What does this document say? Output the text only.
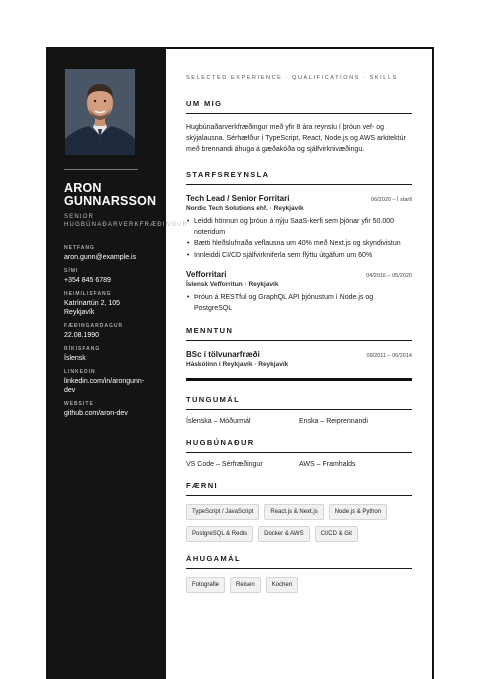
ARON
GUNNARSSON
SENIOR HUGBÚNAÐARVERKFRÆÐINGUR
NETFANG
aron.gunn@example.is
SÍMI
+354 845 6789
HEIMILISFANG
Katrínartún 2, 105 Reykjavík
FÆÐINGARDAGUR
22.08.1990
RÍKISFANG
Íslensk
LINKEDIN
linkedin.com/in/arongunn-dev
WEBSITE
github.com/aron-dev
SELECTED EXPERIENCE · QUALIFICATIONS · SKILLS
UM MIG
Hugbúnaðarverkfræðingur með yfir 8 ára reynslu í þróun vef- og skýjalausna. Sérhæfður í TypeScript, React, Node.js og AWS arkitektúr með brennandi áhuga á gæðakóða og sjálfvirknivæðingu.
STARFSREYNSLA
Tech Lead / Senior Forritari	06/2020 – Í starfi
Nordic Tech Solutions ehf. · Reykjavík
• Leiddi hönnun og þróun á nýju SaaS-kerfi sem þjónar yfir 50.000 notendum
• Bætti hleðsluhraða veflausna um 40% með Next.js og skyndivistun
• Innleiddi CI/CD sjálfvirkniferla sem flýttu útgáfum um 60%
Vefforritari	04/2016 – 05/2020
Íslensk Vefforritun · Reykjavík
• Þróun á RESTful og GraphQL API þjónustum í Node.js og PostgreSQL
MENNTUN
BSc í tölvunarfræði	09/2011 – 06/2014
Háskólinn í Reykjavík · Reykjavík
TUNGUMÁL
Íslenska – Móðurmál	Enska – Reiprennandi
HUGBÚNAÐUR
VS Code – Sérfræðingur	AWS – Framhalds
FÆRNI
TypeScript / JavaScript	React.js & Next.js	Node.js & Python
PostgreSQL & Redis	Docker & AWS	CI/CD & Git
ÁHUGAMÁL
Fotografie	Reisen	Kochen
